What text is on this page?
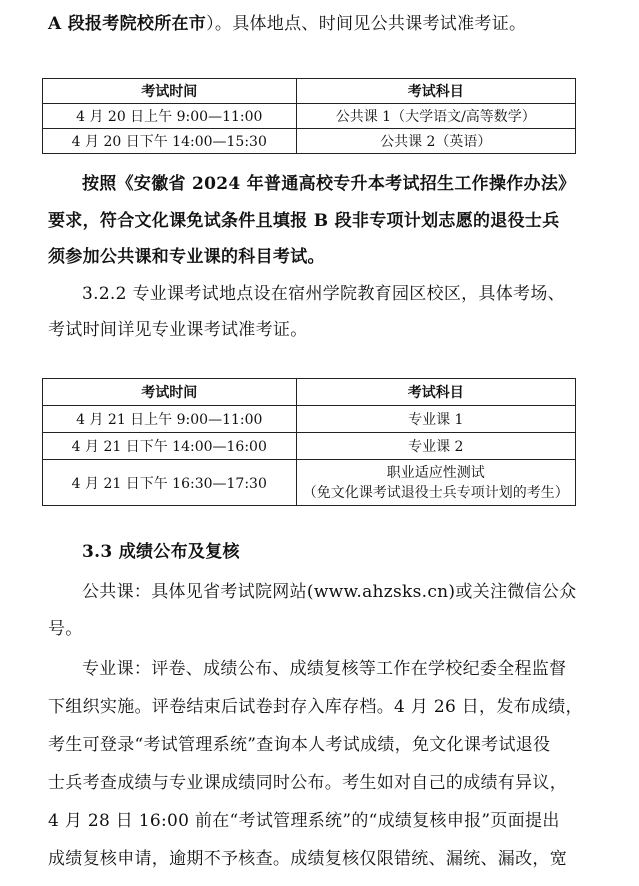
A 段报考院校所在市）。具体地点、时间见公共课考试准考证。
考试时间	考试科目
4 月 20 日上午 9:00—11:00	公共课 1（大学语文/高等数学）
4 月 20 日下午 14:00—15:30	公共课 2（英语）
按照《安徽省 2024 年普通高校专升本考试招生工作操作办法》
要求，符合文化课免试条件且填报 B 段非专项计划志愿的退役士兵
须参加公共课和专业课的科目考试。
3.2.2 专业课考试地点设在宿州学院教育园区校区，具体考场、
考试时间详见专业课考试准考证。
考试时间	考试科目
4 月 21 日上午 9:00—11:00	专业课 1
4 月 21 日下午 14:00—16:00	专业课 2
4 月 21 日下午 16:30—17:30	职业适应性测试
（免文化课考试退役士兵专项计划的考生）
3.3 成绩公布及复核
公共课：具体见省考试院网站(www.ahzsks.cn)或关注微信公众
号。
专业课：评卷、成绩公布、成绩复核等工作在学校纪委全程监督
下组织实施。评卷结束后试卷封存入库存档。4 月 26 日，发布成绩，
考生可登录“考试管理系统”查询本人考试成绩，免文化课考试退役
士兵考查成绩与专业课成绩同时公布。考生如对自己的成绩有异议，
4 月 28 日 16:00 前在“考试管理系统”的“成绩复核申报”页面提出
成绩复核申请，逾期不予核查。成绩复核仅限错统、漏统、漏改，宽
